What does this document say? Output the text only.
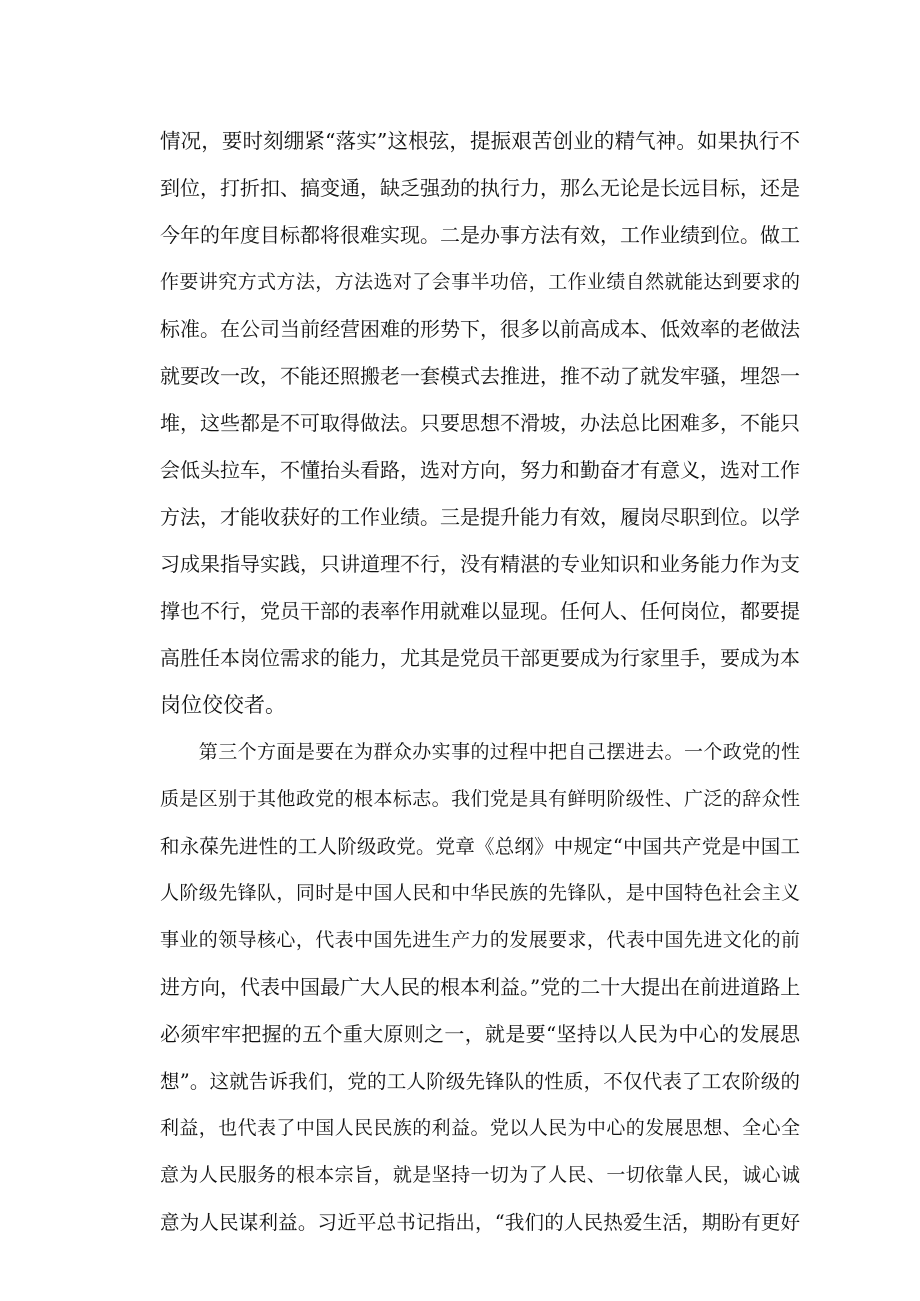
情况，要时刻绷紧“落实”这根弦，提振艰苦创业的精气神。如果执行不
到位，打折扣、搞变通，缺乏强劲的执行力，那么无论是长远目标，还是
今年的年度目标都将很难实现。二是办事方法有效，工作业绩到位。做工
作要讲究方式方法，方法选对了会事半功倍，工作业绩自然就能达到要求的
标准。在公司当前经营困难的形势下，很多以前高成本、低效率的老做法
就要改一改，不能还照搬老一套模式去推进，推不动了就发牢骚，埋怨一
堆，这些都是不可取得做法。只要思想不滑坡，办法总比困难多，不能只
会低头拉车，不懂抬头看路，选对方向，努力和勤奋才有意义，选对工作
方法，才能收获好的工作业绩。三是提升能力有效，履岗尽职到位。以学
习成果指导实践，只讲道理不行，没有精湛的专业知识和业务能力作为支
撑也不行，党员干部的表率作用就难以显现。任何人、任何岗位，都要提
高胜任本岗位需求的能力，尤其是党员干部更要成为行家里手，要成为本
岗位佼佼者。
　　第三个方面是要在为群众办实事的过程中把自己摆进去。一个政党的性
质是区别于其他政党的根本标志。我们党是具有鲜明阶级性、广泛的辞众性
和永葆先进性的工人阶级政党。党章《总纲》中规定“中国共产党是中国工
人阶级先锋队，同时是中国人民和中华民族的先锋队，是中国特色社会主义
事业的领导核心，代表中国先进生产力的发展要求，代表中国先进文化的前
进方向，代表中国最广大人民的根本利益。”党的二十大提出在前进道路上
必须牢牢把握的五个重大原则之一，就是要“坚持以人民为中心的发展思
想”。这就告诉我们，党的工人阶级先锋队的性质，不仅代表了工农阶级的
利益，也代表了中国人民民族的利益。党以人民为中心的发展思想、全心全
意为人民服务的根本宗旨，就是坚持一切为了人民、一切依靠人民，诚心诚
意为人民谋利益。习近平总书记指出，“我们的人民热爱生活，期盼有更好
